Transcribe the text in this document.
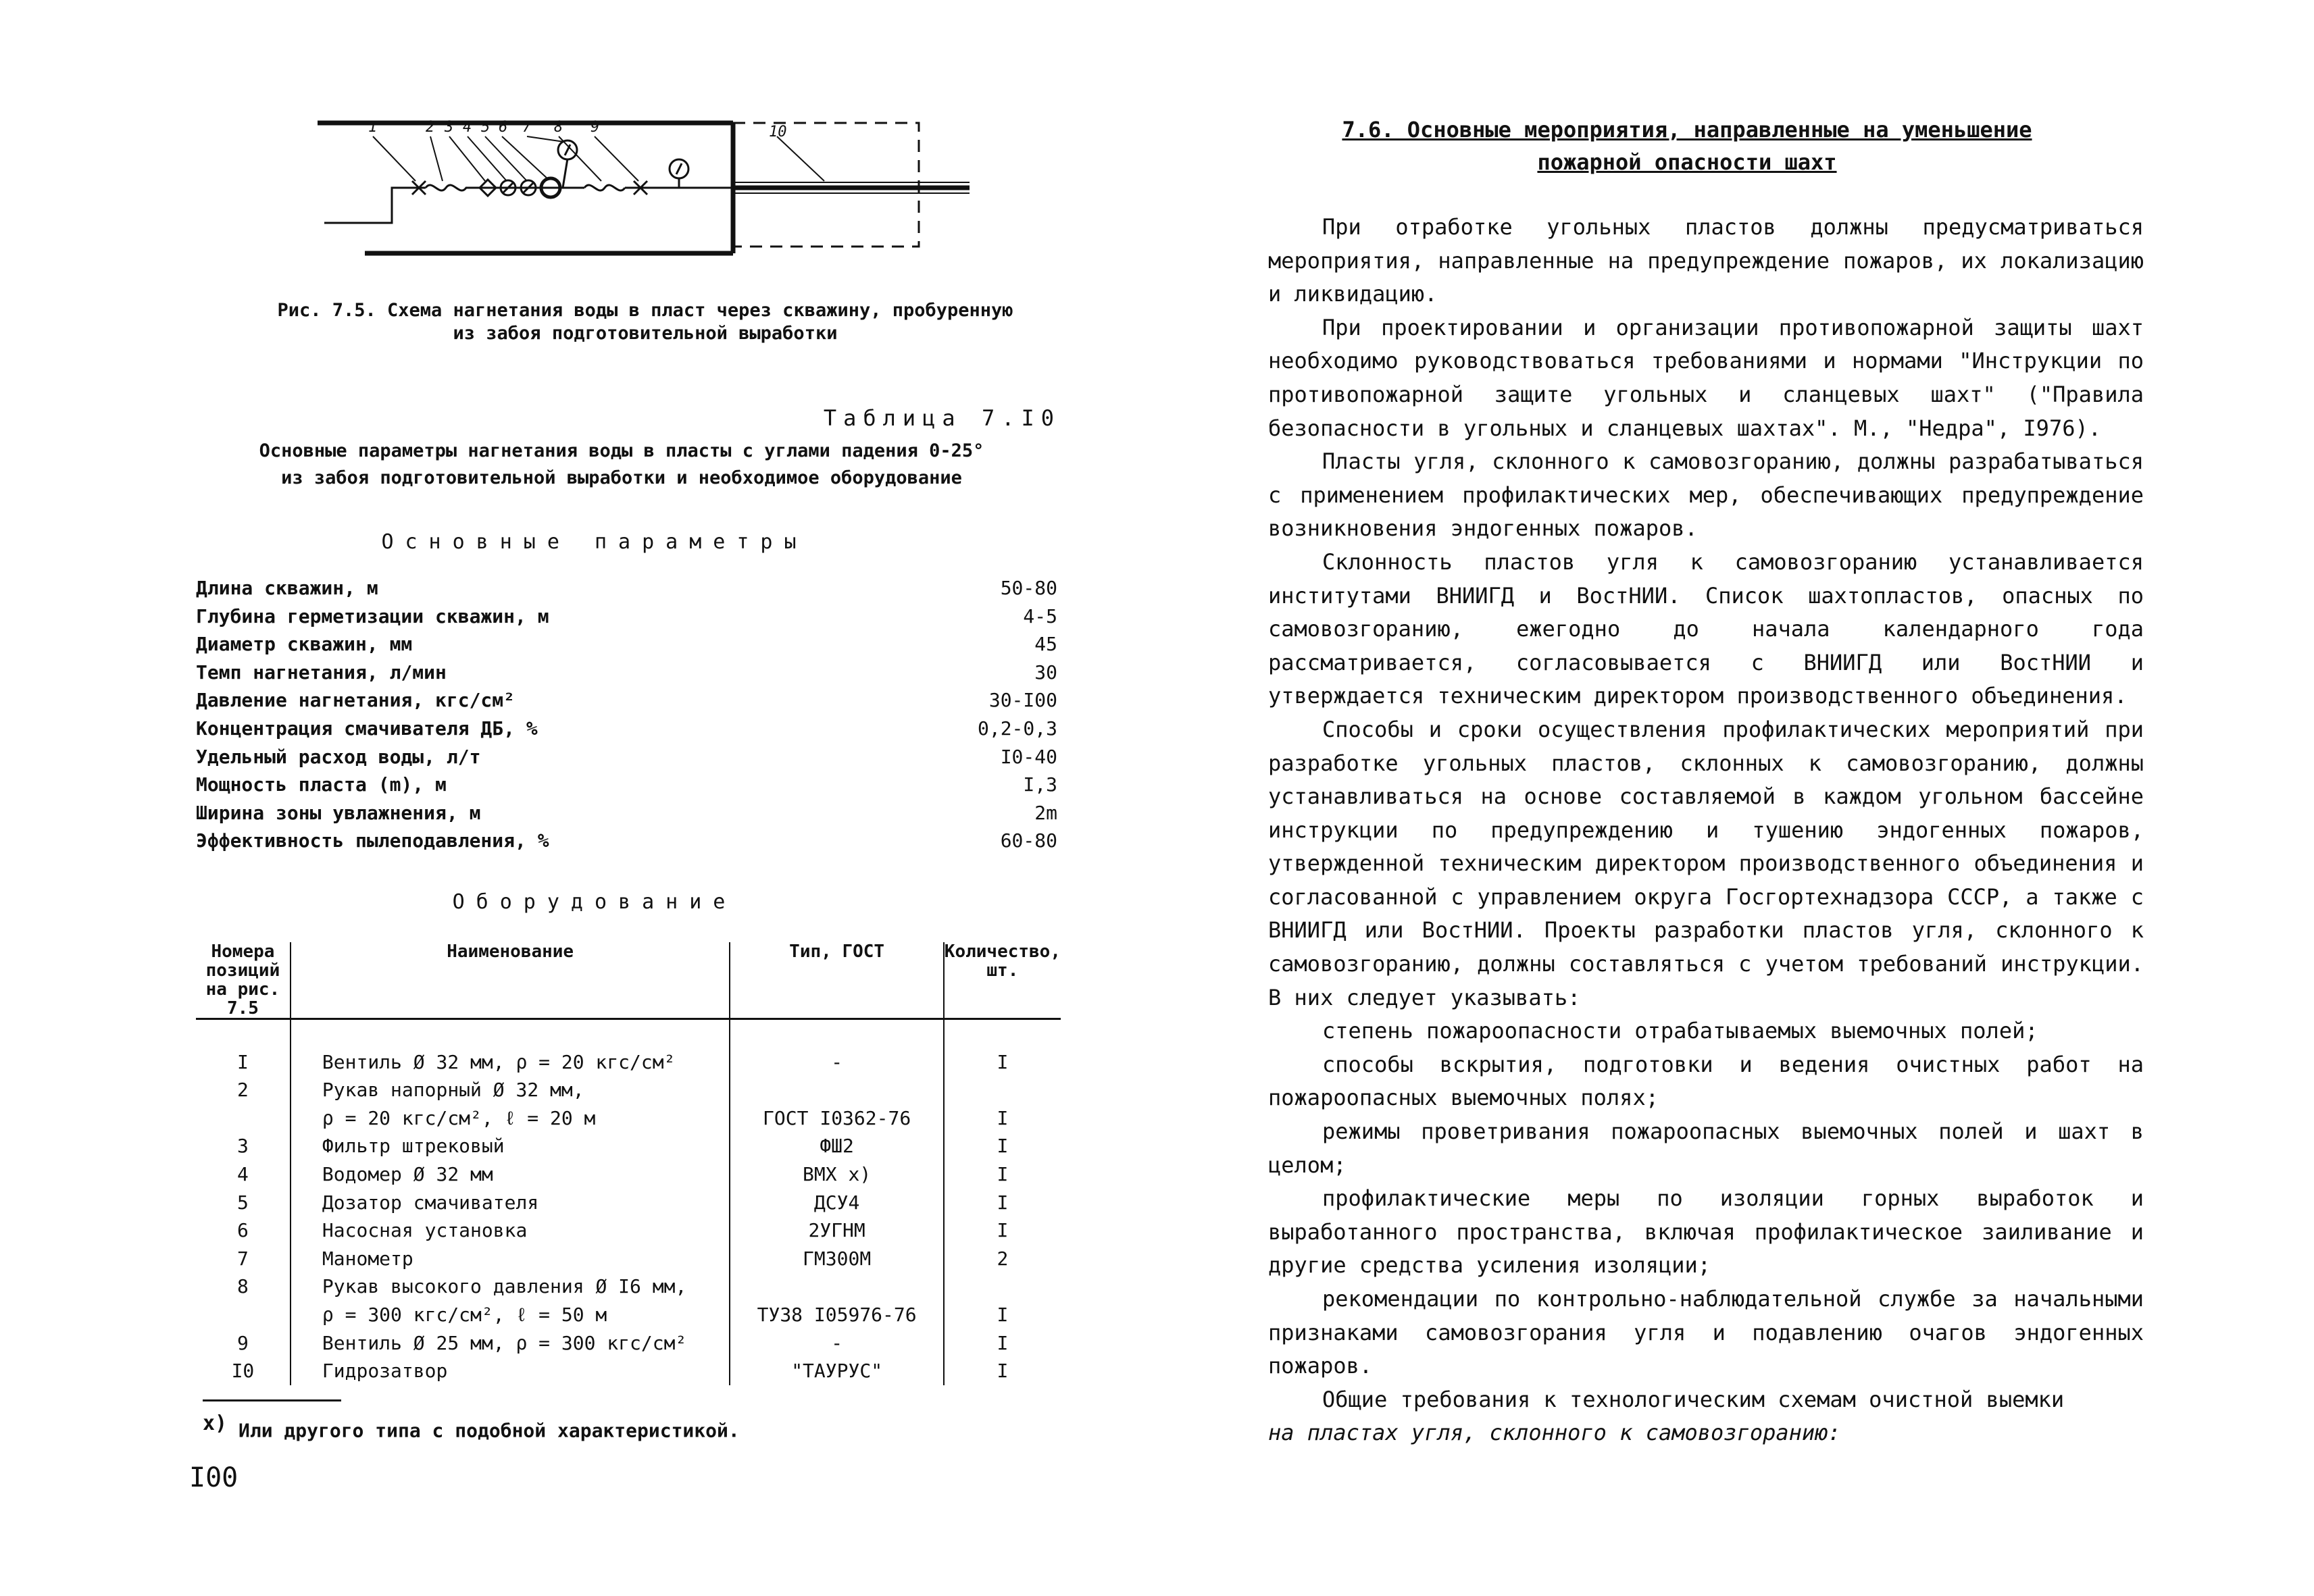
1	2 3 4 5 6 7 8 9	10
Рис. 7.5. Схема нагнетания воды в пласт через скважину, пробуренную из забоя подготовительной выработки
Таблица 7.I0
Основные параметры нагнетания воды в пласты с углами падения 0-25°
из забоя подготовительной выработки и необходимое оборудование
Основные параметры
Длина скважин, м	50-80
Глубина герметизации скважин, м	4-5
Диаметр скважин, мм	45
Темп нагнетания, л/мин	30
Давление нагнетания, кгс/см²	30-I00
Концентрация смачивателя ДБ, %	0,2-0,3
Удельный расход воды, л/т	I0-40
Мощность пласта (m), м	I,3
Ширина зоны увлажнения, м	2m
Эффективность пылеподавления, %	60-80
Оборудование
Номера позиций на рис. 7.5	Наименование	Тип, ГОСТ	Количество, шт.

I	Вентиль Ø 32 мм, ρ = 20 кгс/см²	-	I
2	Рукав напорный Ø 32 мм,
ρ = 20 кгс/см², ℓ = 20 м	ГОСТ I0362-76	I

3	Фильтр штрековый	ФШ2	I
4	Водомер Ø 32 мм	ВМХ x)	I
5	Дозатор смачивателя	ДСУ4	I
6	Насосная установка	2УГНМ	I
7	Манометр	ГМ300М	2
8	Рукав высокого давления Ø I6 мм,
ρ = 300 кгс/см², ℓ = 50 м	ТУ38 I05976-76	I

9	Вентиль Ø 25 мм, ρ = 300 кгс/см²	-	I
I0	Гидрозатвор	"ТАУРУС"	I
$^{x)}$ Или другого типа с подобной характеристикой.
I00
7.6. Основные мероприятия, направленные на уменьшение
пожарной опасности шахт

При отработке угольных пластов должны предусматриваться мероприятия, направленные на предупреждение пожаров, их локализацию и ликвидацию.

При проектировании и организации противопожарной защиты шахт необходимо руководствоваться требованиями и нормами "Инструкции по противопожарной защите угольных и сланцевых шахт" ("Правила безопасности в угольных и сланцевых шахтах". М., "Недра", I976).

Пласты угля, склонного к самовозгоранию, должны разрабатываться с применением профилактических мер, обеспечивающих предупреждение возникновения эндогенных пожаров.

Склонность пластов угля к самовозгоранию устанавливается институтами ВНИИГД и ВостНИИ. Список шахтопластов, опасных по самовозгоранию, ежегодно до начала календарного года рассматривается, согласовывается с ВНИИГД или ВостНИИ и утверждается техническим директором производственного объединения.

Способы и сроки осуществления профилактических мероприятий при разработке угольных пластов, склонных к самовозгоранию, должны устанавливаться на основе составляемой в каждом угольном бассейне инструкции по предупреждению и тушению эндогенных пожаров, утвержденной техническим директором производственного объединения и согласованной с управлением округа Госгортехнадзора СССР, а также с ВНИИГД или ВостНИИ. Проекты разработки пластов угля, склонного к самовозгоранию, должны составляться с учетом требований инструкции. В них следует указывать:

степень пожароопасности отрабатываемых выемочных полей;

способы вскрытия, подготовки и ведения очистных работ на пожароопасных выемочных полях;

режимы проветривания пожароопасных выемочных полей и шахт в целом;

профилактические меры по изоляции горных выработок и выработанного пространства, включая профилактическое заиливание и другие средства усиления изоляции;

рекомендации по контрольно-наблюдательной службе за начальными признаками самовозгорания угля и подавлению очагов эндогенных пожаров.

Общие требования к технологическим схемам очистной выемки

на пластах угля, склонного к самовозгоранию:
